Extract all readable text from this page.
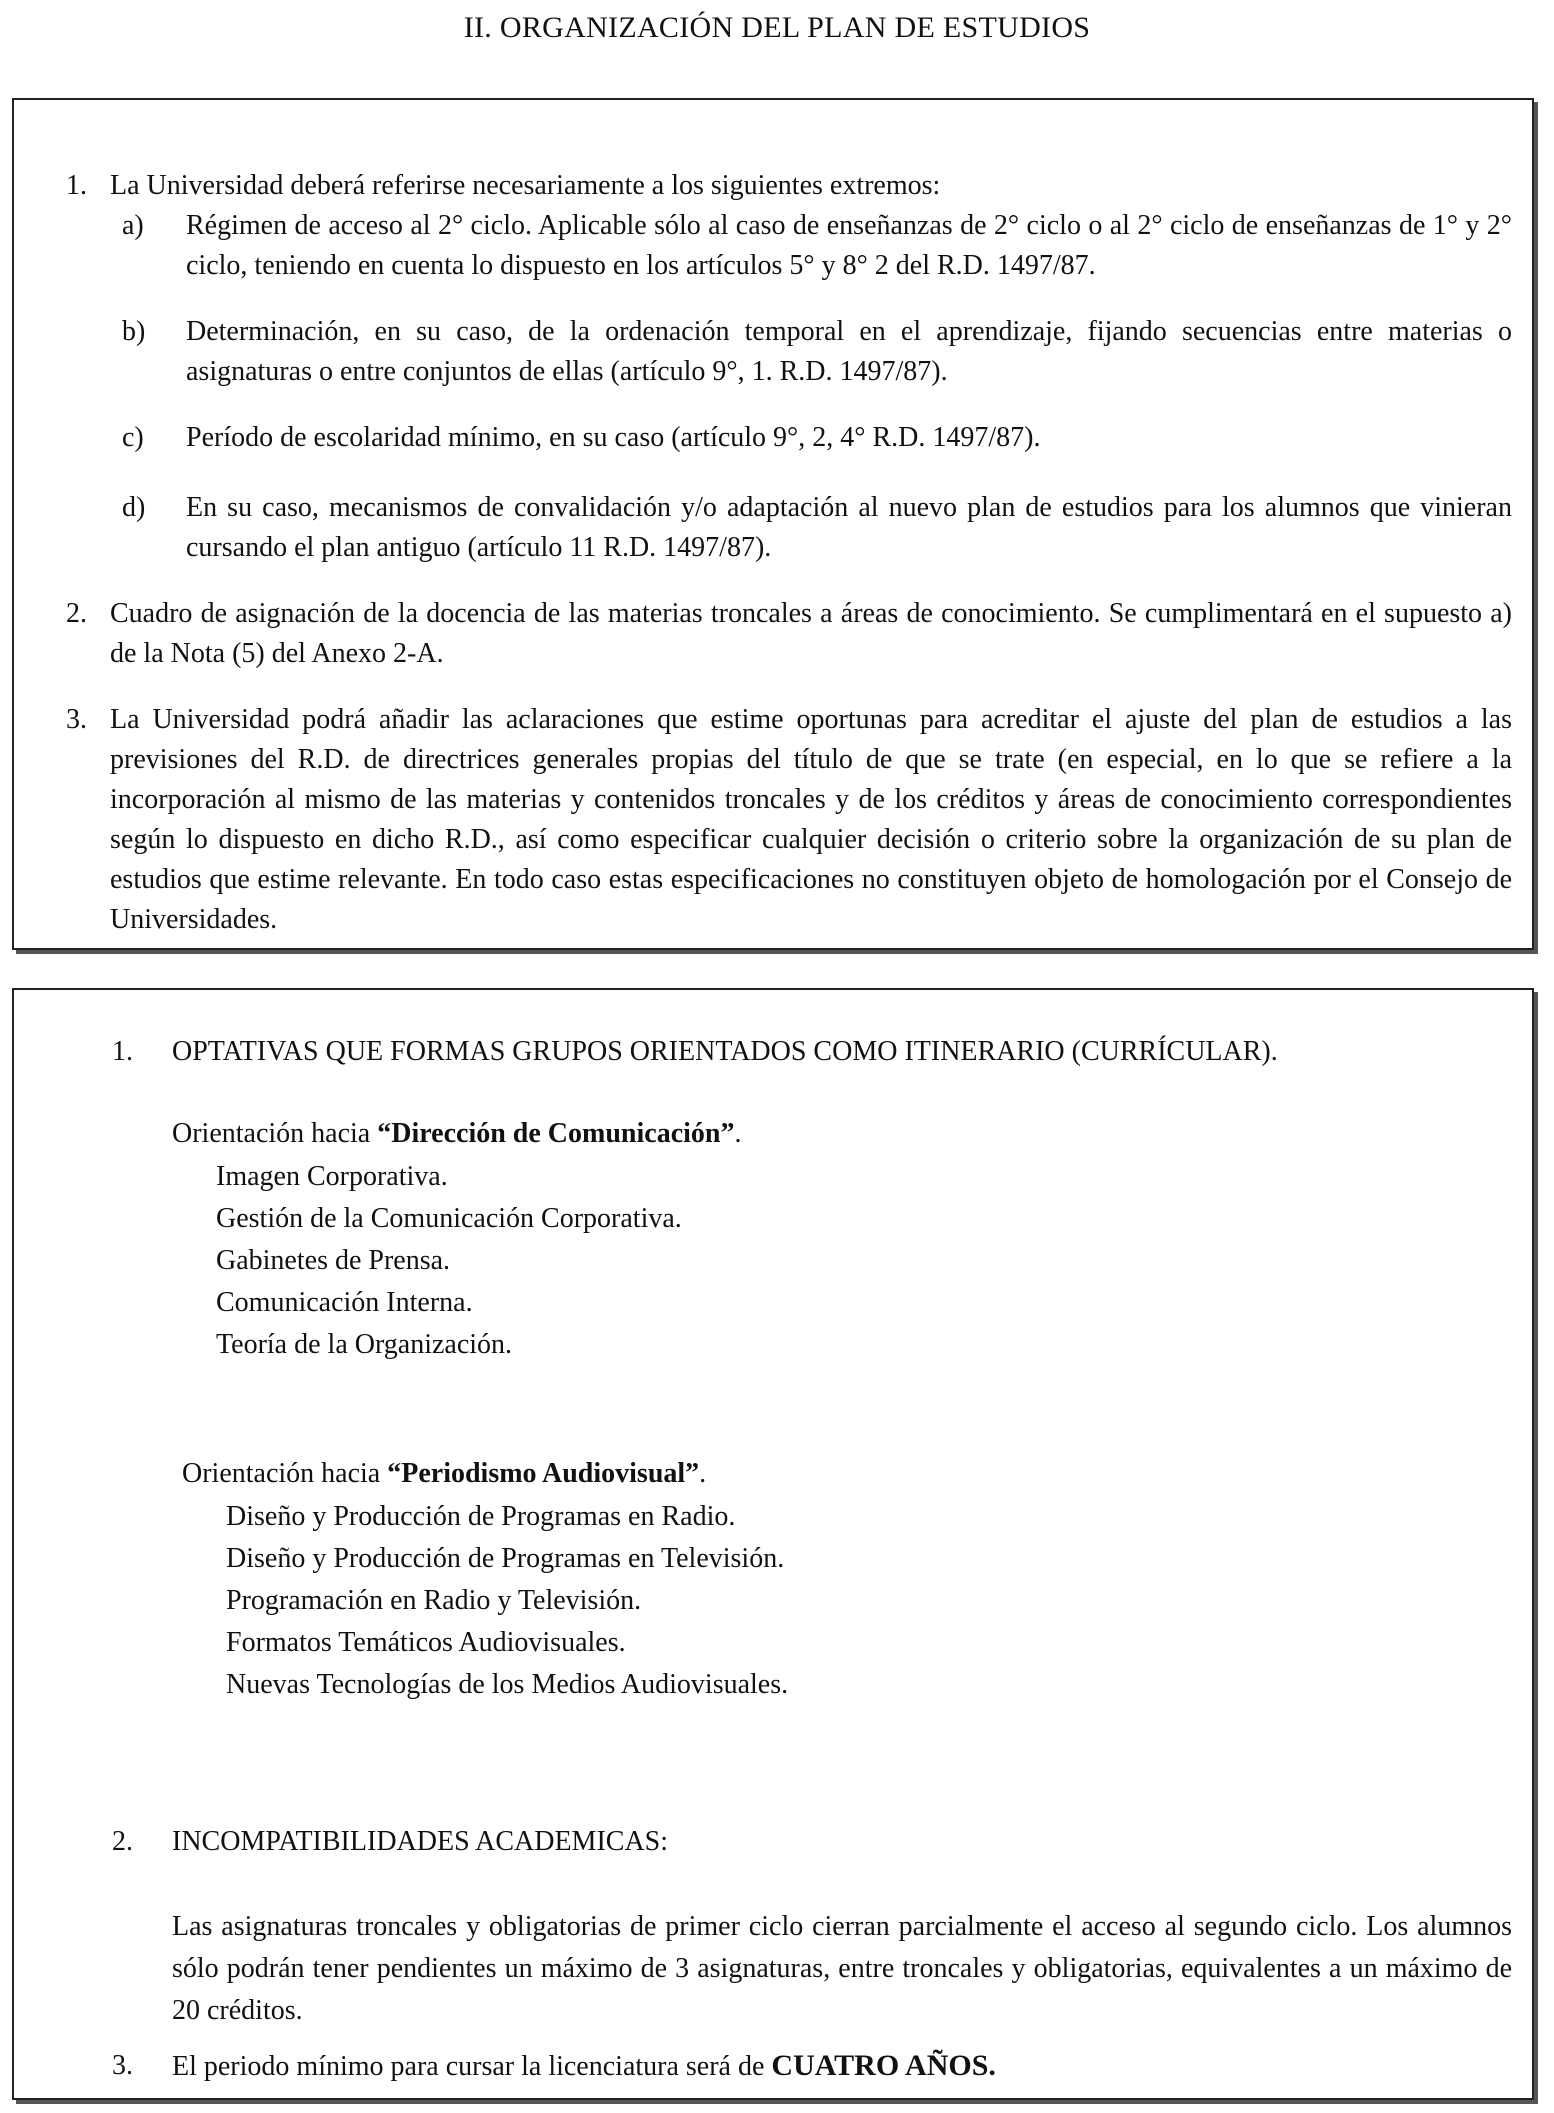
II. ORGANIZACIÓN DEL PLAN DE ESTUDIOS
1. La Universidad deberá referirse necesariamente a los siguientes extremos:
a) Régimen de acceso al 2° ciclo. Aplicable sólo al caso de enseñanzas de 2° ciclo o al 2° ciclo de enseñanzas de 1° y 2° ciclo, teniendo en cuenta lo dispuesto en los artículos 5° y 8° 2 del R.D. 1497/87.
b) Determinación, en su caso, de la ordenación temporal en el aprendizaje, fijando secuencias entre materias o asignaturas o entre conjuntos de ellas (artículo 9°, 1. R.D. 1497/87).
c) Período de escolaridad mínimo, en su caso (artículo 9°, 2, 4° R.D. 1497/87).
d) En su caso, mecanismos de convalidación y/o adaptación al nuevo plan de estudios para los alumnos que vinieran cursando el plan antiguo (artículo 11 R.D. 1497/87).
2. Cuadro de asignación de la docencia de las materias troncales a áreas de conocimiento. Se cumplimentará en el supuesto a) de la Nota (5) del Anexo 2-A.
3. La Universidad podrá añadir las aclaraciones que estime oportunas para acreditar el ajuste del plan de estudios a las previsiones del R.D. de directrices generales propias del título de que se trate (en especial, en lo que se refiere a la incorporación al mismo de las materias y contenidos troncales y de los créditos y áreas de conocimiento correspondientes según lo dispuesto en dicho R.D., así como especificar cualquier decisión o criterio sobre la organización de su plan de estudios que estime relevante. En todo caso estas especificaciones no constituyen objeto de homologación por el Consejo de Universidades.
1. OPTATIVAS QUE FORMAS GRUPOS ORIENTADOS COMO ITINERARIO (CURRÍCULAR).
Orientación hacia “Dirección de Comunicación”.
Imagen Corporativa.
Gestión de la Comunicación Corporativa.
Gabinetes de Prensa.
Comunicación Interna.
Teoría de la Organización.
Orientación hacia “Periodismo Audiovisual”.
Diseño y Producción de Programas en Radio.
Diseño y Producción de Programas en Televisión.
Programación en Radio y Televisión.
Formatos Temáticos Audiovisuales.
Nuevas Tecnologías de los Medios Audiovisuales.
2. INCOMPATIBILIDADES ACADEMICAS:
Las asignaturas troncales y obligatorias de primer ciclo cierran parcialmente el acceso al segundo ciclo. Los alumnos sólo podrán tener pendientes un máximo de 3 asignaturas, entre troncales y obligatorias, equivalentes a un máximo de 20 créditos.
3. El periodo mínimo para cursar la licenciatura será de CUATRO AÑOS.
